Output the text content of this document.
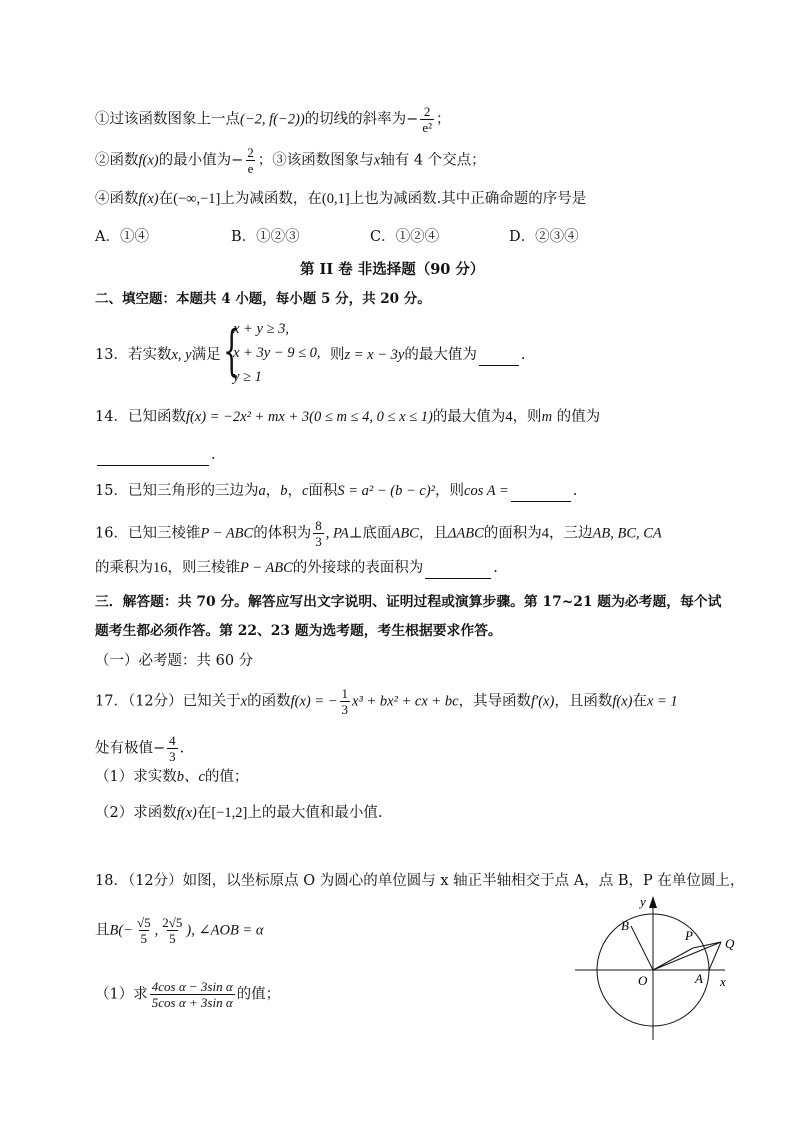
①过该函数图象上一点(−2, f(−2))的切线的斜率为− $\frac{2}{\text{e²}}$ ；
②函数f(x)的最小值为− $\frac{2}{e}$ ；③该函数图象与x轴有 4 个交点；
④函数f(x)在(−∞,−1]上为减函数，在(0,1]上也为减函数.其中正确命题的序号是
A．①④	B．①②③	C．①②④	D．②③④
第 II 卷 非选择题（90 分）
二、填空题：本题共 4 小题，每小题 5 分，共 20 分。
13．若实数x, y满足 {
x + y ≥ 3,
x + 3y − 9 ≤ 0,
y ≥ 1
则z = x − 3y的最大值为	.
14．已知函数f(x) = −2x² + mx + 3(0 ≤ m ≤ 4, 0 ≤ x ≤ 1)的最大值为4，则m 的值为
.
15．已知三角形的三边为a，b，c面积S = a² − (b − c)²，则cos A =	.
16．已知三棱锥P − ABC的体积为 $\frac{8}{3}$ , PA⊥底面ABC，且ΔABC的面积为4，三边AB, BC, CA
的乘积为16，则三棱锥P − ABC的外接球的表面积为	.
三．解答题：共 70 分。解答应写出文字说明、证明过程或演算步骤。第 17~21 题为必考题，每个试
题考生都必须作答。第 22、23 题为选考题，考生根据要求作答。
（一）必考题：共 60 分
17．（12分）已知关于x的函数f(x) = − $\frac{1}{3} x^3 + bx^2$ + cx + bc，其导函数f′(x)，且函数f(x)在x = 1
处有极值− $\frac{4}{3}$ .
（1）求实数b、c的值；
（2）求函数f(x)在[−1,2]上的最大值和最小值.
18．（12分）如图，以坐标原点 O 为圆心的单位圆与 x 轴正半轴相交于点 A，点 B，P 在单位圆上，
且$B(- \frac{√5}{5}$ , $\frac{2√5}{5}$ ), ∠AOB = α
（1）求 $\frac{\text{4cos α − 3sin α}}{\text{5cos α + 3sin α}}$ 的值；
y
x
B
P
Q
O	A
